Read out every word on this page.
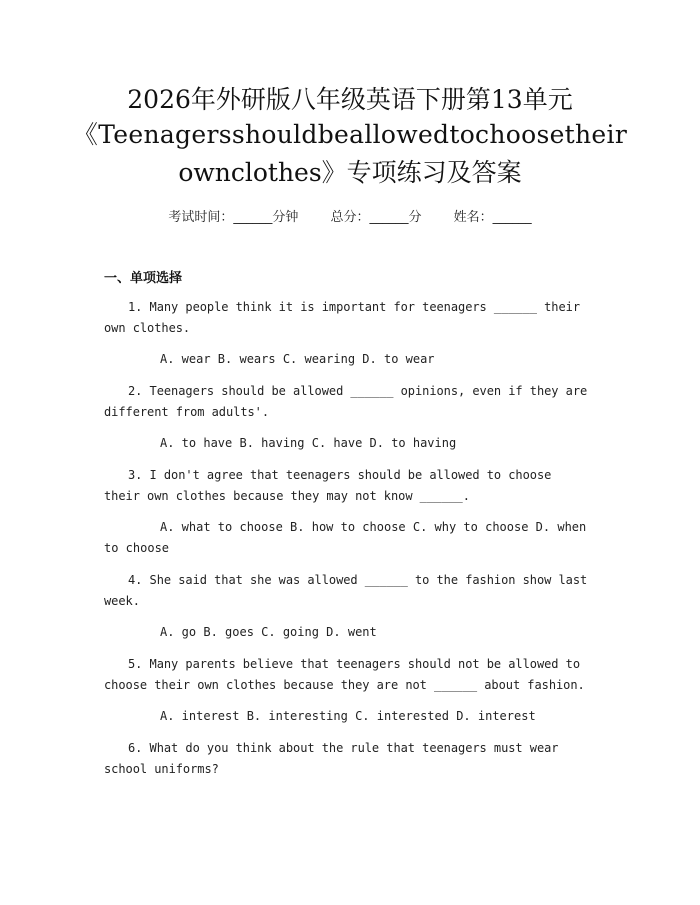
2026年外研版八年级英语下册第13单元
《Teenagersshouldbeallowedtochoosetheir
ownclothes》专项练习及答案
考试时间：______分钟 总分：______分 姓名：______
一、单项选择
1. Many people think it is important for teenagers ______ their own clothes.
A. wear B. wears C. wearing D. to wear
2. Teenagers should be allowed ______ opinions, even if they are different from adults'.
A. to have B. having C. have D. to having
3. I don't agree that teenagers should be allowed to choose their own clothes because they may not know ______.
A. what to choose B. how to choose C. why to choose D. when to choose
4. She said that she was allowed ______ to the fashion show last week.
A. go B. goes C. going D. went
5. Many parents believe that teenagers should not be allowed to choose their own clothes because they are not ______ about fashion.
A. interest B. interesting C. interested D. interest
6. What do you think about the rule that teenagers must wear school uniforms?
